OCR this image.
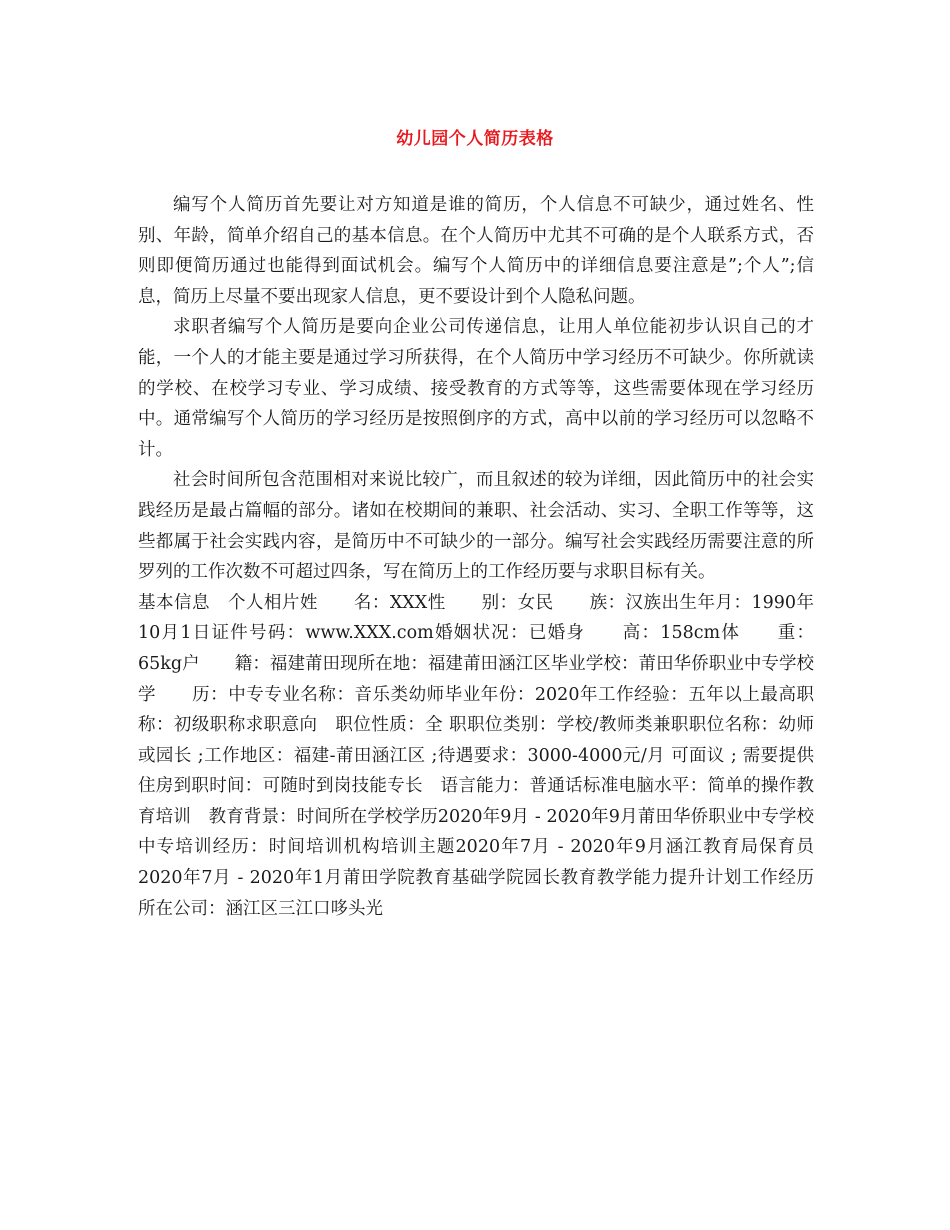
幼儿园个人简历表格

编写个人简历首先要让对方知道是谁的简历，个人信息不可缺少，通过姓名、性别、年龄，简单介绍自己的基本信息。在个人简历中尤其不可确的是个人联系方式，否则即便简历通过也能得到面试机会。编写个人简历中的详细信息要注意是”;个人”;信息，简历上尽量不要出现家人信息，更不要设计到个人隐私问题。

求职者编写个人简历是要向企业公司传递信息，让用人单位能初步认识自己的才能，一个人的才能主要是通过学习所获得，在个人简历中学习经历不可缺少。你所就读的学校、在校学习专业、学习成绩、接受教育的方式等等，这些需要体现在学习经历中。通常编写个人简历的学习经历是按照倒序的方式，高中以前的学习经历可以忽略不计。

社会时间所包含范围相对来说比较广，而且叙述的较为详细，因此简历中的社会实践经历是最占篇幅的部分。诸如在校期间的兼职、社会活动、实习、全职工作等等，这些都属于社会实践内容，是简历中不可缺少的一部分。编写社会实践经历需要注意的所罗列的工作次数不可超过四条，写在简历上的工作经历要与求职目标有关。

基本信息　个人相片姓　　名：XXX性　　别：女民　　族：汉族出生年月：1990年10月1日证件号码：www.XXX.com婚姻状况：已婚身　　高：158cm体　　重：65kg户　　籍：福建莆田现所在地：福建莆田涵江区毕业学校：莆田华侨职业中专学校学　　历：中专专业名称：音乐类幼师毕业年份：2020年工作经验：五年以上最高职称：初级职称求职意向　职位性质：全 职职位类别：学校/教师类兼职职位名称：幼师或园长 ;工作地区：福建-莆田涵江区 ;待遇要求：3000-4000元/月 可面议 ; 需要提供住房到职时间：可随时到岗技能专长　语言能力：普通话标准电脑水平：简单的操作教育培训　教育背景：时间所在学校学历2020年9月 - 2020年9月莆田华侨职业中专学校中专培训经历：时间培训机构培训主题2020年7月 - 2020年9月涵江教育局保育员2020年7月 - 2020年1月莆田学院教育基础学院园长教育教学能力提升计划工作经历　　所在公司：涵江区三江口哆头光
